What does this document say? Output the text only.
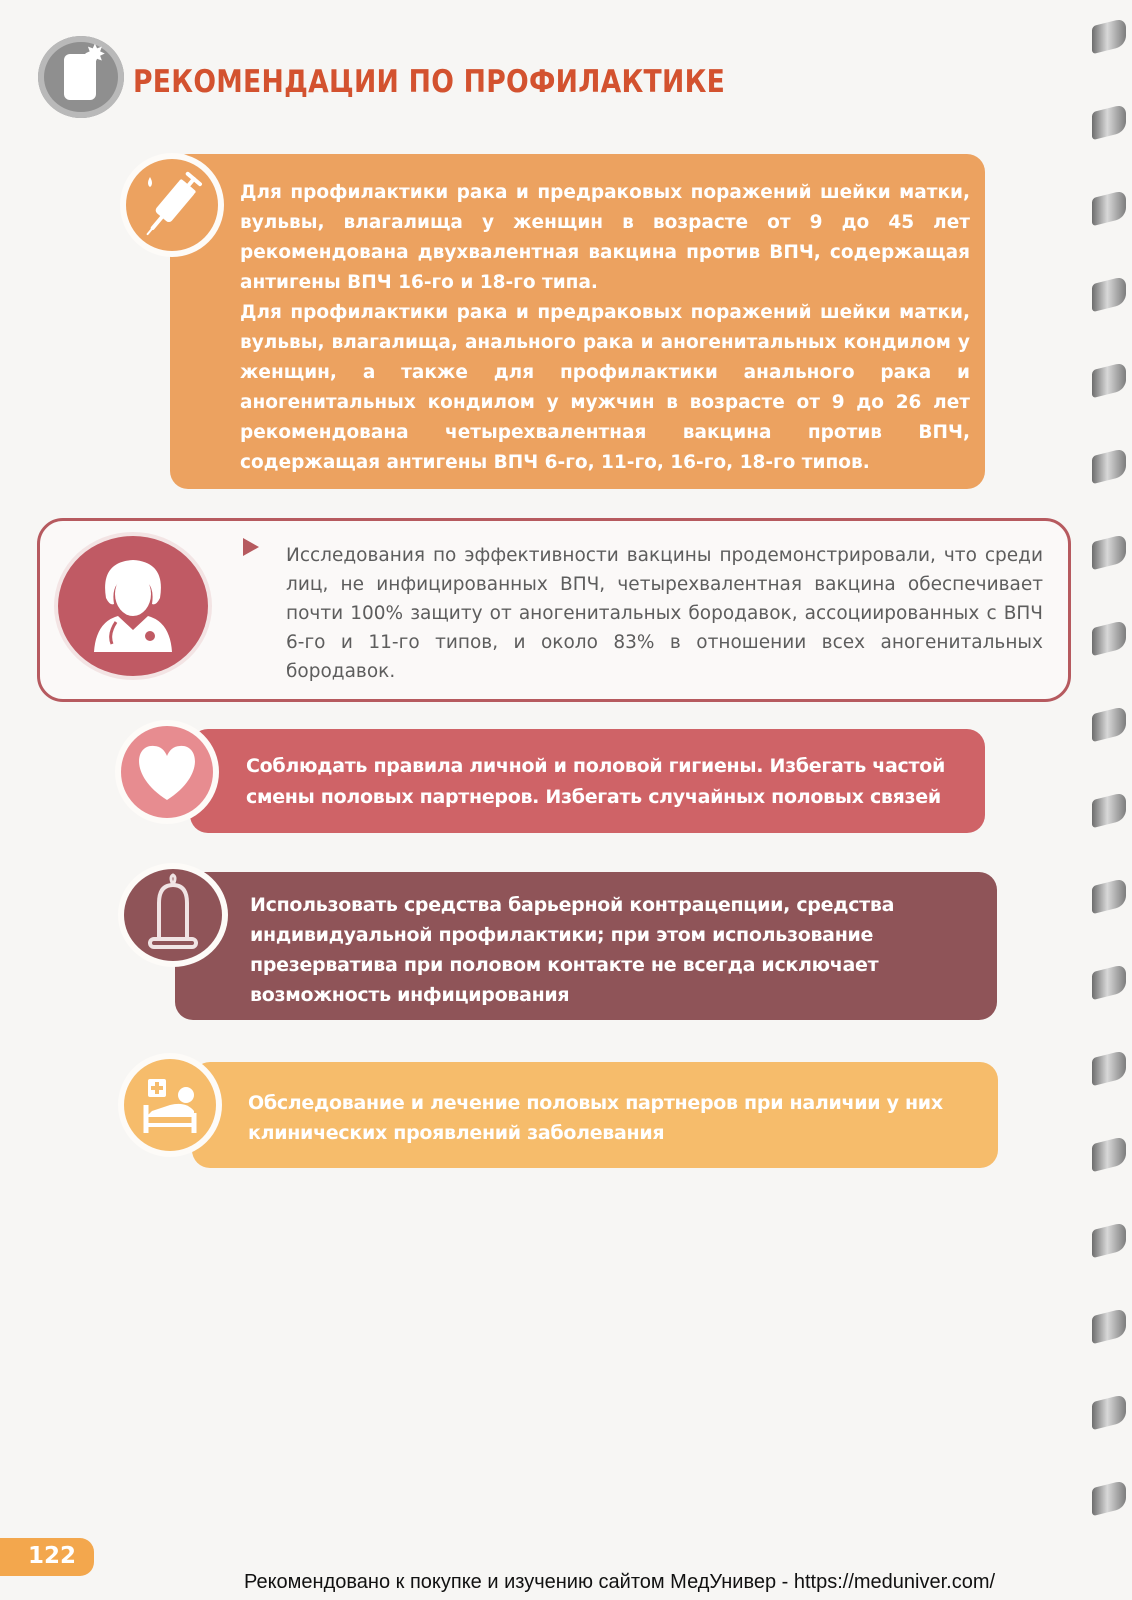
✸
РЕКОМЕНДАЦИИ ПО ПРОФИЛАКТИКЕ

Для профилактики рака и предраковых поражений шейки матки, вульвы, влагалища у женщин в возрасте от 9 до 45 лет рекомендована двухвалентная вакцина против ВПЧ, содержащая антигены ВПЧ 16-го и 18-го типа.

Для профилактики рака и предраковых поражений шейки матки, вульвы, влагалища, анального рака и аногенитальных кондилом у женщин, а также для профилактики анального рака и аногенитальных кондилом у мужчин в возрасте от 9 до 26 лет рекомендована четырехвалентная вакцина против ВПЧ, содержащая антигены ВПЧ 6-го, 11-го, 16-го, 18-го типов.

Исследования по эффективности вакцины продемонстрировали, что среди лиц, не инфицированных ВПЧ, четырехвалентная вакцина обеспечивает почти 100% защиту от аногенитальных бородавок, ассоциированных с ВПЧ 6-го и 11-го типов, и около 83% в отношении всех аногенитальных бородавок.

Соблюдать правила личной и половой гигиены. Избегать частой смены половых партнеров. Избегать случайных половых связей
Использовать средства барьерной контрацепции, средства индивидуальной профилактики; при этом использование презерватива при половом контакте не всегда исключает возможность инфицирования
Обследование и лечение половых партнеров при наличии у них клинических проявлений заболевания
122
Рекомендовано к покупке и изучению сайтом МедУнивер - https://meduniver.com/
